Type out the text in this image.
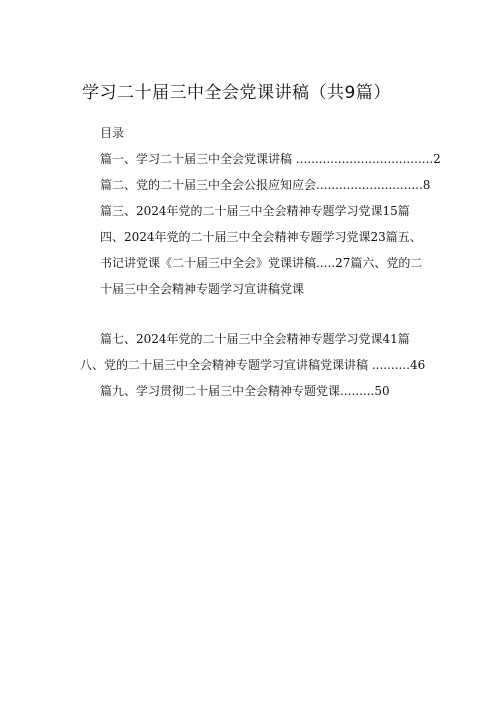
学习二十届三中全会党课讲稿（共9篇）
目录
篇一、学习二十届三中全会党课讲稿 ....................................2
篇二、党的二十届三中全会公报应知应会............................8
篇三、2024年党的二十届三中全会精神专题学习党课15篇
四、2024年党的二十届三中全会精神专题学习党课23篇五、
书记讲党课《二十届三中全会》党课讲稿.....27篇六、党的二
十届三中全会精神专题学习宣讲稿党课
篇七、2024年党的二十届三中全会精神专题学习党课41篇
八、党的二十届三中全会精神专题学习宣讲稿党课讲稿 ..........46
篇九、学习贯彻二十届三中全会精神专题党课.........50
